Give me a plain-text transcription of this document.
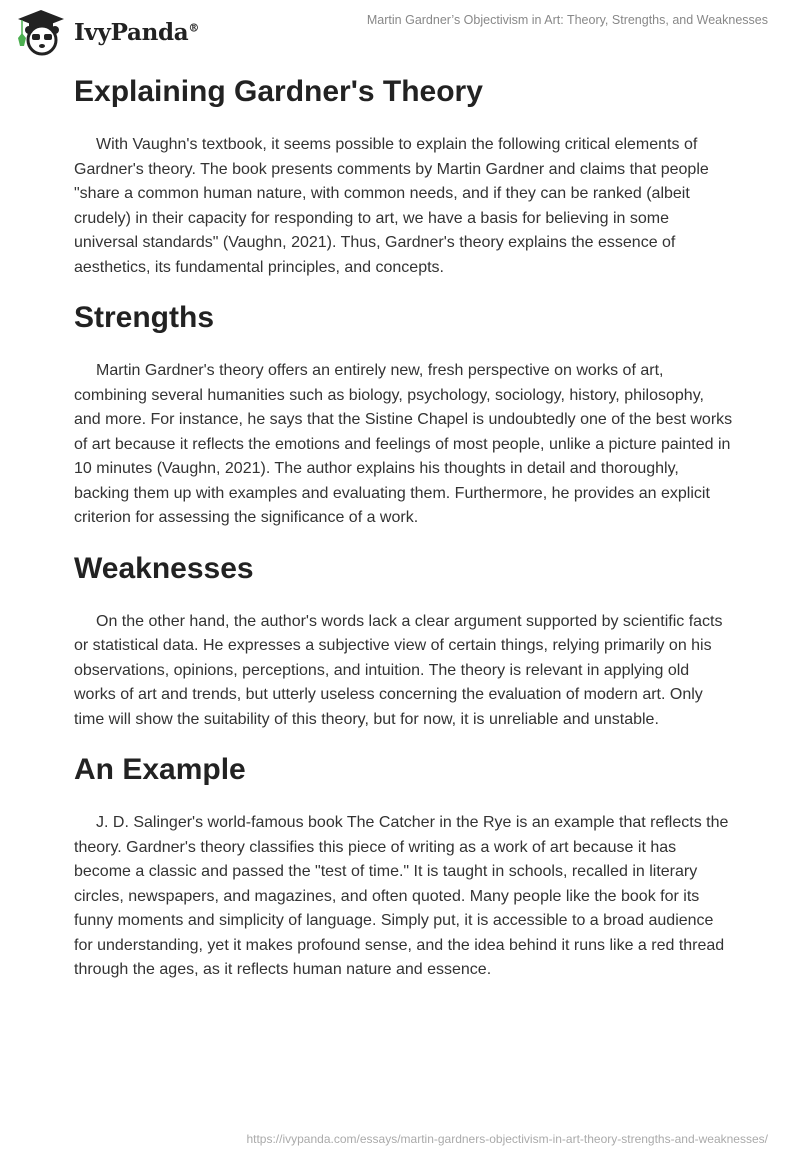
IvyPanda®
Martin Gardner’s Objectivism in Art: Theory, Strengths, and Weaknesses
Explaining Gardner's Theory

With Vaughn's textbook, it seems possible to explain the following critical elements of Gardner's theory. The book presents comments by Martin Gardner and claims that people "share a common human nature, with common needs, and if they can be ranked (albeit crudely) in their capacity for responding to art, we have a basis for believing in some universal standards" (Vaughn, 2021). Thus, Gardner's theory explains the essence of aesthetics, its fundamental principles, and concepts.

Strengths

Martin Gardner's theory offers an entirely new, fresh perspective on works of art, combining several humanities such as biology, psychology, sociology, history, philosophy, and more. For instance, he says that the Sistine Chapel is undoubtedly one of the best works of art because it reflects the emotions and feelings of most people, unlike a picture painted in 10 minutes (Vaughn, 2021). The author explains his thoughts in detail and thoroughly, backing them up with examples and evaluating them. Furthermore, he provides an explicit criterion for assessing the significance of a work.

Weaknesses

On the other hand, the author's words lack a clear argument supported by scientific facts or statistical data. He expresses a subjective view of certain things, relying primarily on his observations, opinions, perceptions, and intuition. The theory is relevant in applying old works of art and trends, but utterly useless concerning the evaluation of modern art. Only time will show the suitability of this theory, but for now, it is unreliable and unstable.

An Example

J. D. Salinger's world-famous book The Catcher in the Rye is an example that reflects the theory. Gardner's theory classifies this piece of writing as a work of art because it has become a classic and passed the "test of time." It is taught in schools, recalled in literary circles, newspapers, and magazines, and often quoted. Many people like the book for its funny moments and simplicity of language. Simply put, it is accessible to a broad audience for understanding, yet it makes profound sense, and the idea behind it runs like a red thread through the ages, as it reflects human nature and essence.

https://ivypanda.com/essays/martin-gardners-objectivism-in-art-theory-strengths-and-weaknesses/
